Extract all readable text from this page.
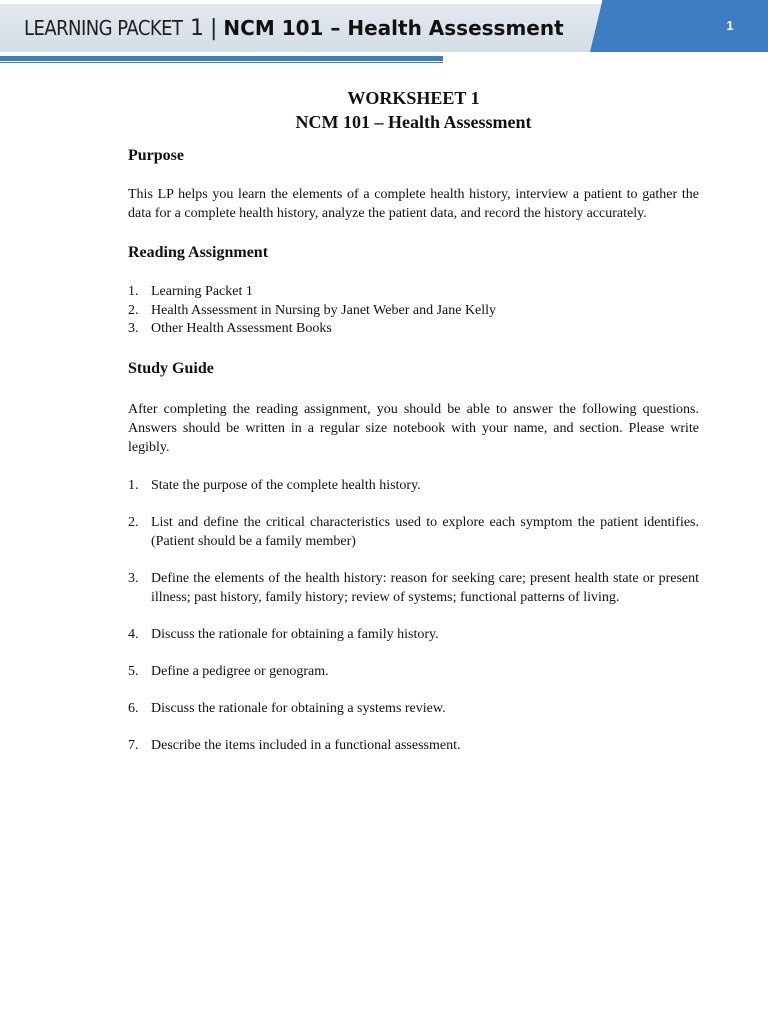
LEARNING PACKET 1 | NCM 101 – Health Assessment	1
WORKSHEET 1
NCM 101 – Health Assessment
Purpose

This LP helps you learn the elements of a complete health history, interview a patient to gather the data for a complete health history, analyze the patient data, and record the history accurately.

Reading Assignment
1. Learning Packet 1
2. Health Assessment in Nursing by Janet Weber and Jane Kelly
3. Other Health Assessment Books
Study Guide

After completing the reading assignment, you should be able to answer the following questions. Answers should be written in a regular size notebook with your name, and section. Please write legibly.

1. State the purpose of the complete health history.
2. List and define the critical characteristics used to explore each symptom the patient identifies. (Patient should be a family member)
3. Define the elements of the health history: reason for seeking care; present health state or present illness; past history, family history; review of systems; functional patterns of living.
4. Discuss the rationale for obtaining a family history.
5. Define a pedigree or genogram.
6. Discuss the rationale for obtaining a systems review.
7. Describe the items included in a functional assessment.
